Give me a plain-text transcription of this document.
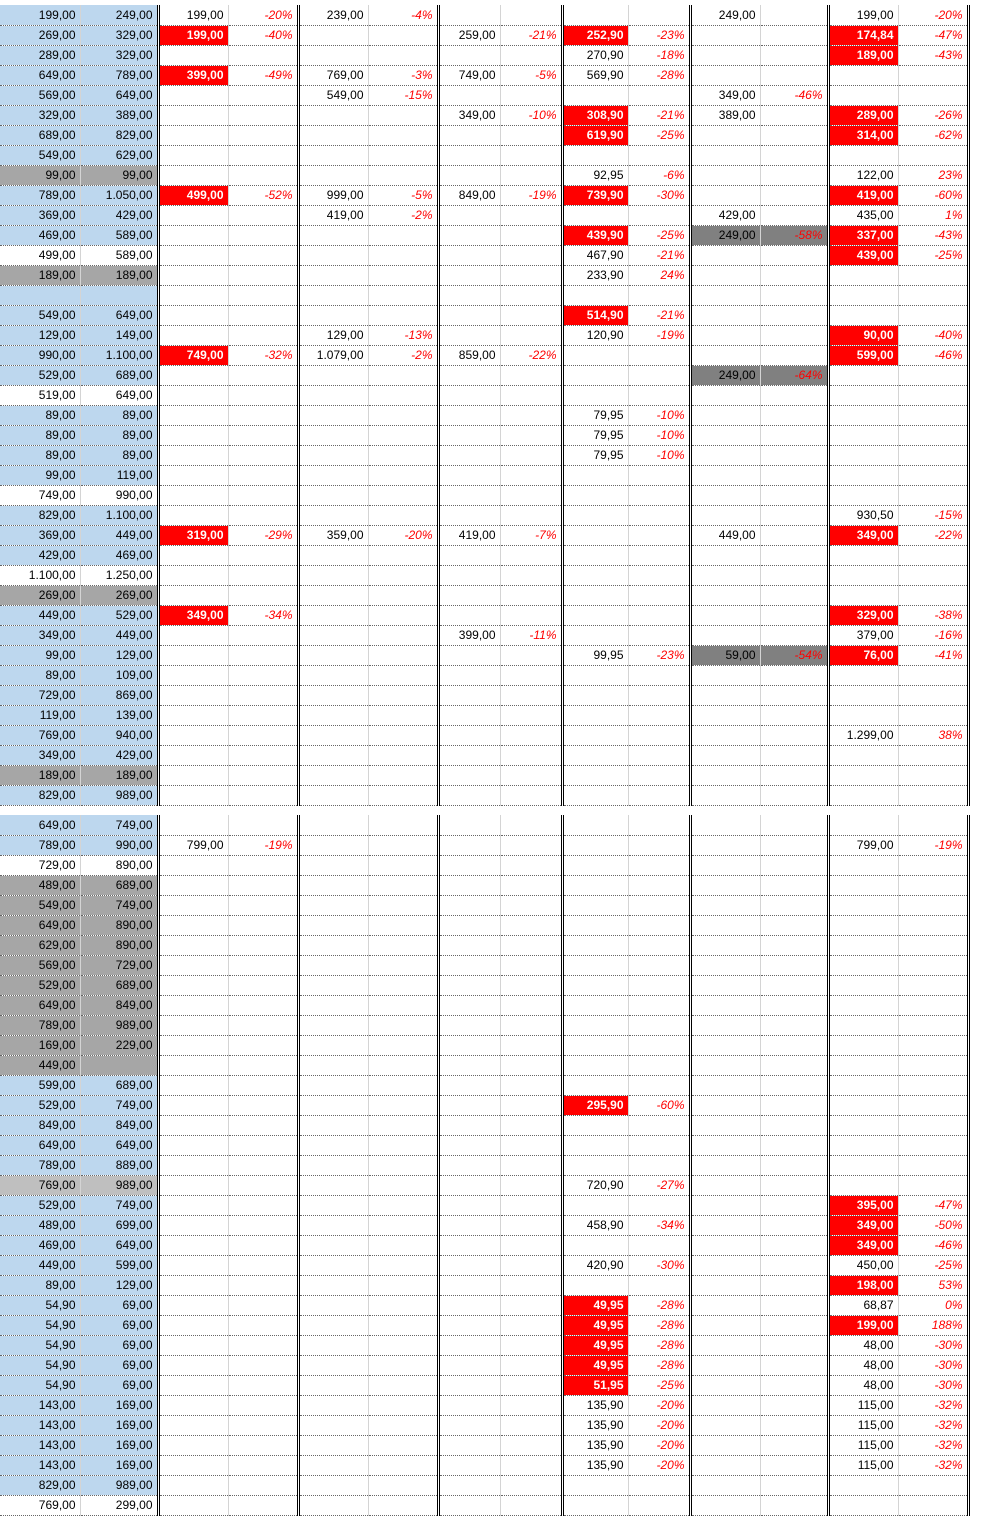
199,00	249,00	199,00	-20%	239,00	-4%					249,00		199,00	-20%
269,00	329,00	199,00	-40%			259,00	-21%	252,90	-23%			174,84	-47%
289,00	329,00							270,90	-18%			189,00	-43%
649,00	789,00	399,00	-49%	769,00	-3%	749,00	-5%	569,90	-28%				
569,00	649,00			549,00	-15%					349,00	-46%		
329,00	389,00					349,00	-10%	308,90	-21%	389,00		289,00	-26%
689,00	829,00							619,90	-25%			314,00	-62%
549,00	629,00												
99,00	99,00							92,95	-6%			122,00	23%
789,00	1.050,00	499,00	-52%	999,00	-5%	849,00	-19%	739,90	-30%			419,00	-60%
369,00	429,00			419,00	-2%					429,00		435,00	1%
469,00	589,00							439,90	-25%	249,00	-58%	337,00	-43%
499,00	589,00							467,90	-21%			439,00	-25%
189,00	189,00							233,90	24%				

549,00	649,00							514,90	-21%				
129,00	149,00			129,00	-13%			120,90	-19%			90,00	-40%
990,00	1.100,00	749,00	-32%	1.079,00	-2%	859,00	-22%					599,00	-46%
529,00	689,00									249,00	-64%		
519,00	649,00												
89,00	89,00							79,95	-10%				
89,00	89,00							79,95	-10%				
89,00	89,00							79,95	-10%				
99,00	119,00												
749,00	990,00												
829,00	1.100,00											930,50	-15%
369,00	449,00	319,00	-29%	359,00	-20%	419,00	-7%			449,00		349,00	-22%
429,00	469,00												
1.100,00	1.250,00												
269,00	269,00												
449,00	529,00	349,00	-34%									329,00	-38%
349,00	449,00					399,00	-11%					379,00	-16%
99,00	129,00							99,95	-23%	59,00	-54%	76,00	-41%
89,00	109,00												
729,00	869,00												
119,00	139,00												
769,00	940,00											1.299,00	38%
349,00	429,00												
189,00	189,00												
829,00	989,00												
649,00	749,00												
789,00	990,00	799,00	-19%									799,00	-19%
729,00	890,00												
489,00	689,00												
549,00	749,00												
649,00	890,00												
629,00	890,00												
569,00	729,00												
529,00	689,00												
649,00	849,00												
789,00	989,00												
169,00	229,00												
449,00													
599,00	689,00												
529,00	749,00							295,90	-60%				
849,00	849,00												
649,00	649,00												
789,00	889,00												
769,00	989,00							720,90	-27%				
529,00	749,00											395,00	-47%
489,00	699,00							458,90	-34%			349,00	-50%
469,00	649,00											349,00	-46%
449,00	599,00							420,90	-30%			450,00	-25%
89,00	129,00											198,00	53%
54,90	69,00							49,95	-28%			68,87	0%
54,90	69,00							49,95	-28%			199,00	188%
54,90	69,00							49,95	-28%			48,00	-30%
54,90	69,00							49,95	-28%			48,00	-30%
54,90	69,00							51,95	-25%			48,00	-30%
143,00	169,00							135,90	-20%			115,00	-32%
143,00	169,00							135,90	-20%			115,00	-32%
143,00	169,00							135,90	-20%			115,00	-32%
143,00	169,00							135,90	-20%			115,00	-32%
829,00	989,00												
769,00	299,00												
